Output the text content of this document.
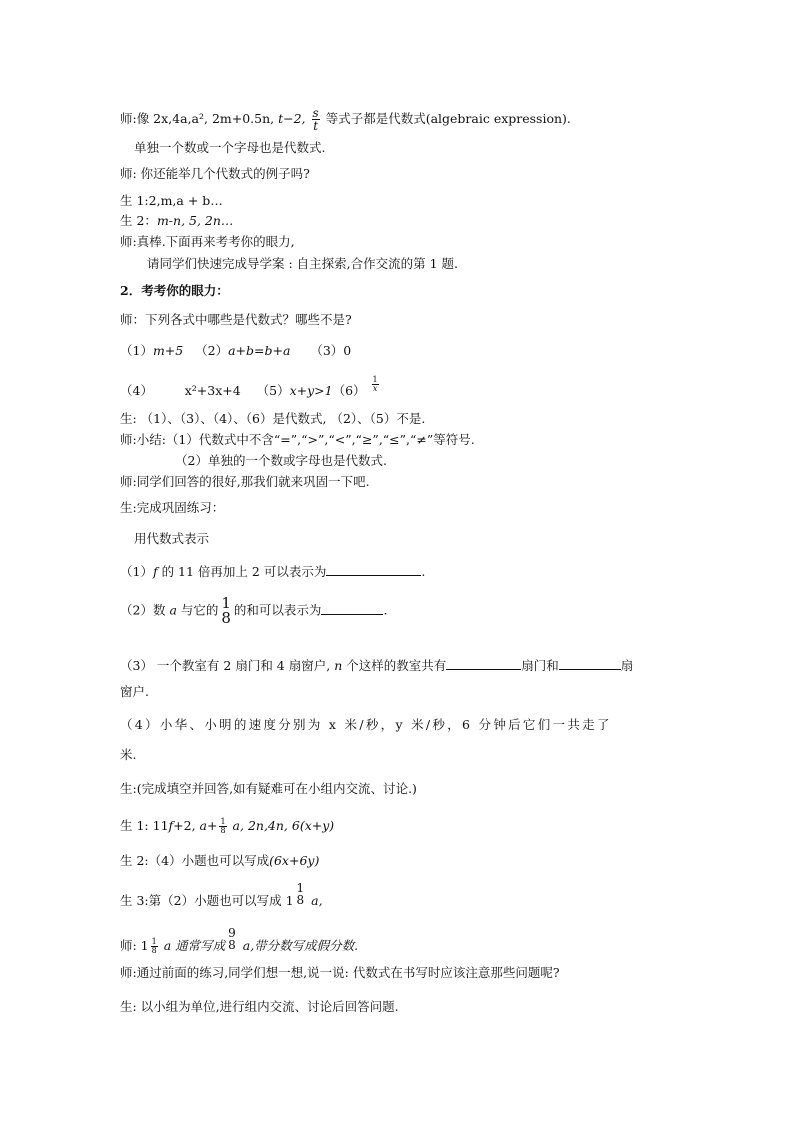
师:像 2x,4a,a², 2m+0.5n, t−2, $\frac{s}{t}$ 等式子都是代数式(algebraic expression).
单独一个数或一个字母也是代数式.
师: 你还能举几个代数式的例子吗?
生 1:2,m,a + b…
生 2：m-n, 5, 2n…
师:真棒.下面再来考考你的眼力,
请同学们快速完成导学案 : 自主探索,合作交流的第 1 题.
2．考考你的眼力：
师：下列各式中哪些是代数式？哪些不是?
（1）m+5 （2）a+b=b+a （3）0
（4）	x²+3x+4 $(5)x+y>1(6) \frac{1}{x}$
生: （1）、（3）、（4）、（6）是代数式, （2）、（5）不是.
师:小结:（1）代数式中不含“=”,“>”,“<”,“≥”,“≤”,“≠”等符号.
（2）单独的一个数或字母也是代数式.
师:同学们回答的很好,那我们就来巩固一下吧.
生:完成巩固练习：
用代数式表示
（1）f 的 11 倍再加上 2 可以表示为	.
（2）数 a 与它的 1
8 的和可以表示为	.
（3） 一个教室有 2 扇门和 4 扇窗户, n 个这样的教室共有	扇门和	扇
窗户.
（4）小华、小明的速度分别为 x 米/秒，y 米/秒，6 分钟后它们一共走了
米.
生:(完成填空并回答,如有疑难可在小组内交流、讨论.)
生 1: 11f+2, $a+ \frac{1}{8} a$, 2n,4n, 6(x+y)
生 2:（4）小题也可以写成(6x+6y)
生 3:第（2）小题也可以写成 1
1
8 a,
师: $1 \frac{1}{8}$ a 通常写成
9
8 a,带分数写成假分数.
师:通过前面的练习,同学们想一想,说一说: 代数式在书写时应该注意那些问题呢?
生: 以小组为单位,进行组内交流、讨论后回答问题.
